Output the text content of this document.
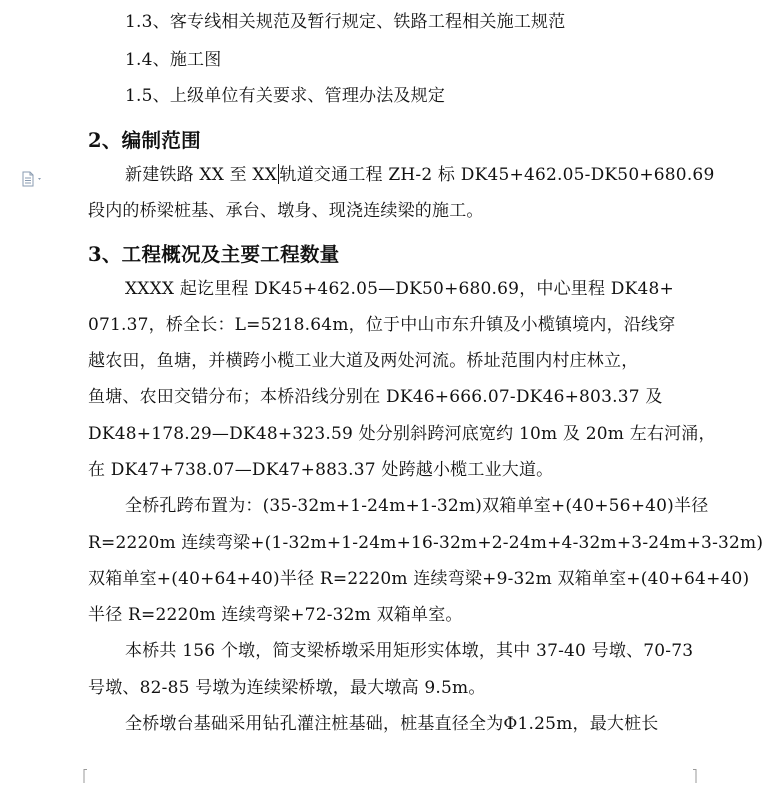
1.3、客专线相关规范及暂行规定、铁路工程相关施工规范
1.4、施工图
1.5、上级单位有关要求、管理办法及规定
2、编制范围
新建铁路 XX 至 XX 轨道交通工程 ZH-2 标 DK45+462.05-DK50+680.69
段内的桥梁桩基、承台、墩身、现浇连续梁的施工。
3、工程概况及主要工程数量
XXXX 起讫里程 DK45+462.05—DK50+680.69，中心里程 DK48+
071.37，桥全长：L=5218.64m，位于中山市东升镇及小榄镇境内，沿线穿
越农田，鱼塘，并横跨小榄工业大道及两处河流。桥址范围内村庄林立，
鱼塘、农田交错分布；本桥沿线分别在 DK46+666.07-DK46+803.37 及
DK48+178.29—DK48+323.59 处分别斜跨河底宽约 10m 及 20m 左右河涌，
在 DK47+738.07—DK47+883.37 处跨越小榄工业大道。
全桥孔跨布置为：(35-32m+1-24m+1-32m)双箱单室+(40+56+40)半径
R=2220m 连续弯梁+(1-32m+1-24m+16-32m+2-24m+4-32m+3-24m+3-32m)
双箱单室+(40+64+40)半径 R=2220m 连续弯梁+9-32m 双箱单室+(40+64+40)
半径 R=2220m 连续弯梁+72-32m 双箱单室。
本桥共 156 个墩，简支梁桥墩采用矩形实体墩，其中 37-40 号墩、70-73
号墩、82-85 号墩为连续梁桥墩，最大墩高 9.5m。
全桥墩台基础采用钻孔灌注桩基础，桩基直径全为Φ1.25m，最大桩长
